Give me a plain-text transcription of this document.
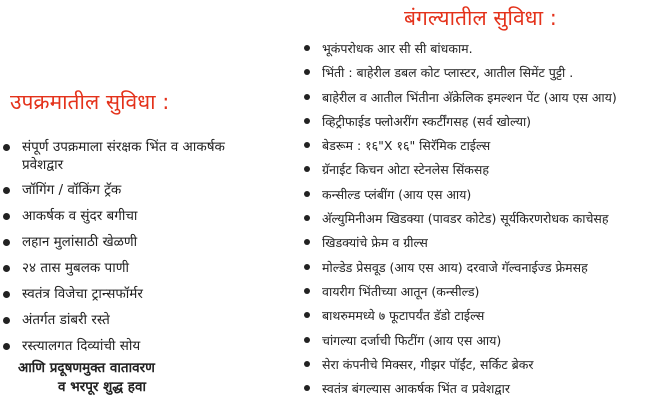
उपक्रमातील सुविधा :
संपूर्ण उपक्रमाला संरक्षक भिंत व आकर्षक प्रवेशद्वार
जॉगिंग / वॉकिंग ट्रॅक
आकर्षक व सुंदर बगीचा
लहान मुलांसाठी खेळणी
२४ तास मुबलक पाणी
स्वतंत्र विजेचा ट्रान्सफॉर्मर
अंतर्गत डांबरी रस्ते
रस्त्यालगत दिव्यांची सोय
आणि प्रदूषणमुक्त वातावरण
व भरपूर शुद्ध हवा
बंगल्यातील सुविधा :
भूकंपरोधक आर सी सी बांधकाम.
भिंती : बाहेरील डबल कोट प्लास्टर, आतील सिमेंट पुट्टी .
बाहेरील व आतील भिंतीना अ‍ॅक्रेलिक इमल्शन पेंट (आय एस आय)
व्हिट्रीफाईड फ्लोअरींग स्कर्टींगसह (सर्व खोल्या)
बेडरूम : १६"X १६" सिरॅमिक टाईल्स
ग्रॅनाईट किचन ओटा स्टेनलेस सिंकसह
कन्सील्ड प्लंबींग (आय एस आय)
अ‍ॅल्युमिनीअम खिडक्या (पावडर कोटेड) सूर्यकिरणरोधक काचेसह
खिडक्यांचे फ्रेम व ग्रील्स
मोल्डेड प्रेसवूड (आय एस आय) दरवाजे गॅल्वनाईज्ड फ्रेमसह
वायरीग भिंतीच्या आतून (कन्सील्ड)
बाथरुममध्ये ७ फूटापर्यंत डॅडो टाईल्स
चांगल्या दर्जाची फिटींग (आय एस आय)
सेरा कंपनीचे मिक्सर, गीझर पॉईंट, सर्किट ब्रेकर
स्वतंत्र बंगल्यास आकर्षक भिंत व प्रवेशद्वार
